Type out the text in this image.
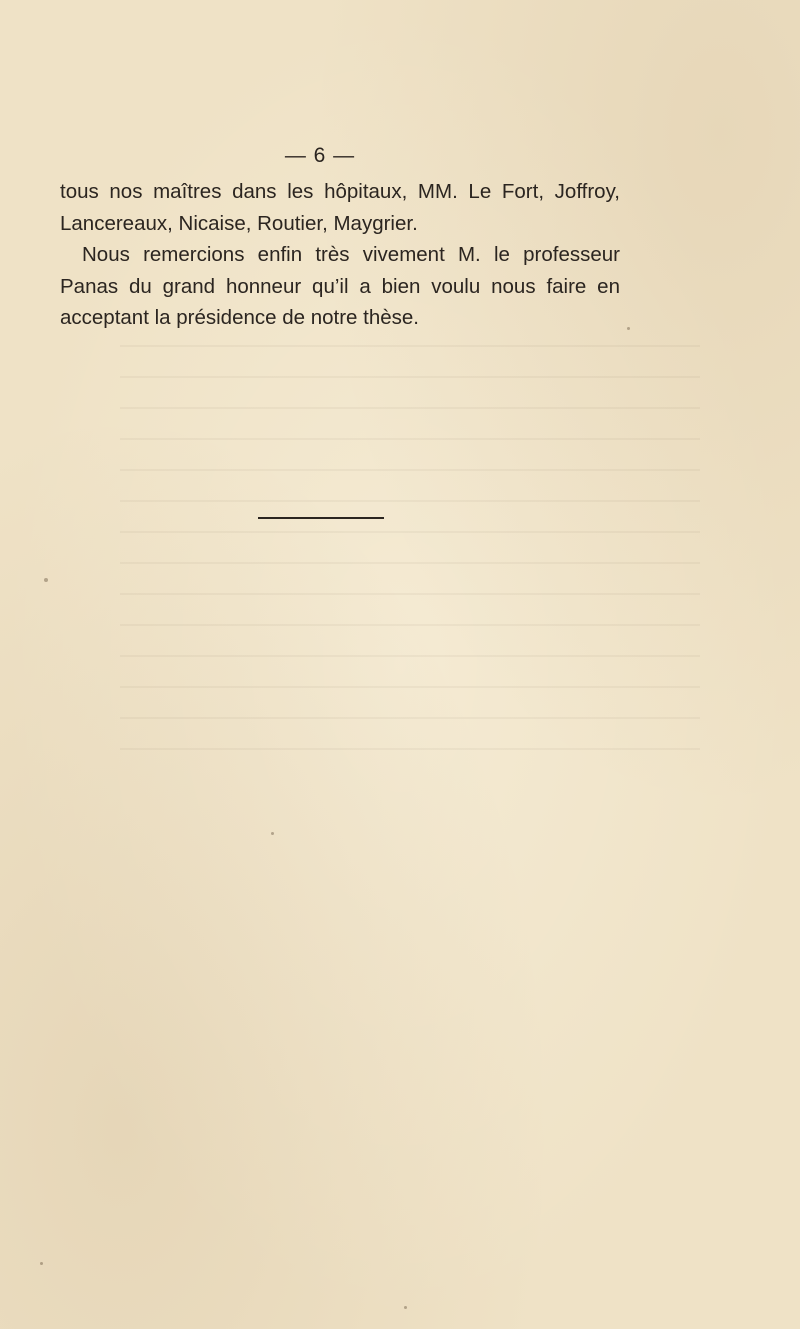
— 6 —

tous nos maîtres dans les hôpitaux, MM. Le Fort, Joffroy,
Lancereaux, Nicaise, Routier, Maygrier.

Nous remercions enfin très vivement M. le professeur
Panas du grand honneur qu’il a bien voulu nous faire en
acceptant la présidence de notre thèse.
